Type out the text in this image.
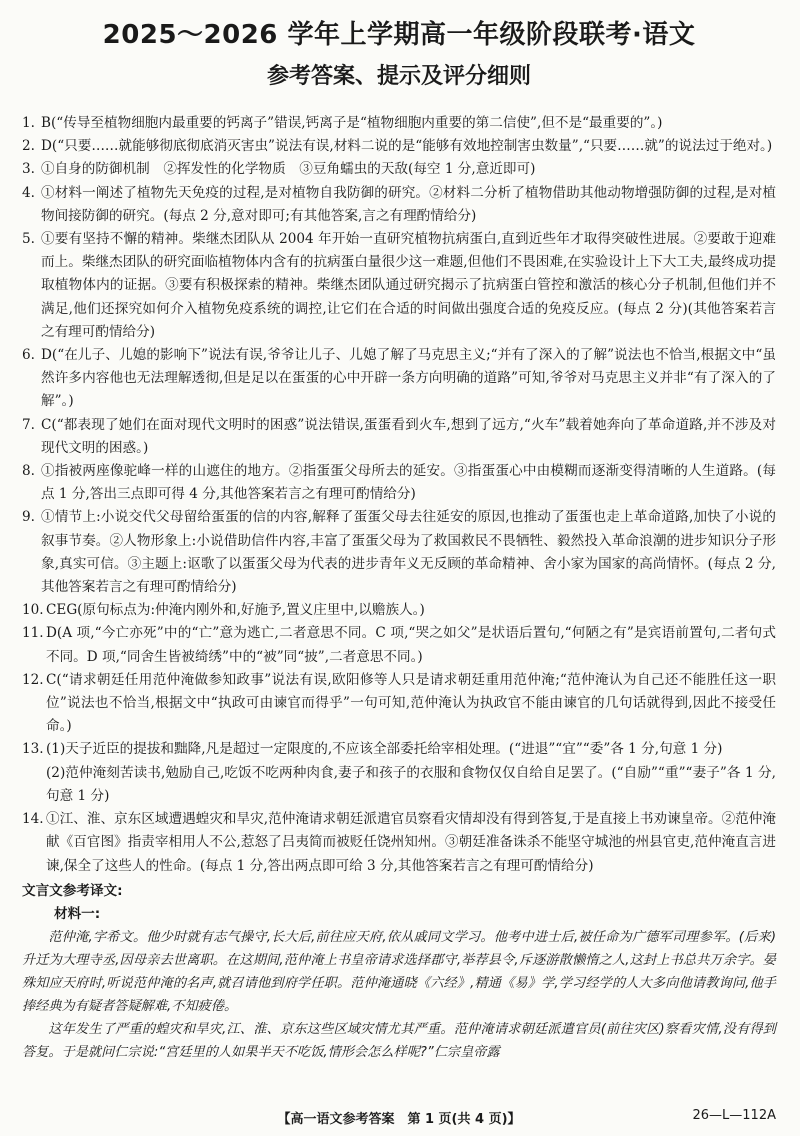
2025～2026 学年上学期高一年级阶段联考·语文
参考答案、提示及评分细则
1. B(“传导至植物细胞内最重要的钙离子”错误,钙离子是“植物细胞内重要的第二信使”,但不是“最重要的”。)

2. D(“只要……就能够彻底彻底消灭害虫”说法有误,材料二说的是“能够有效地控制害虫数量”,“只要……就”的说法过于绝对。)

3. ①自身的防御机制　②挥发性的化学物质　③豆角蠕虫的天敌(每空 1 分,意近即可)

4. ①材料一阐述了植物先天免疫的过程,是对植物自我防御的研究。②材料二分析了植物借助其他动物增强防御的过程,是对植物间接防御的研究。(每点 2 分,意对即可;有其他答案,言之有理酌情给分)

5. ①要有坚持不懈的精神。柴继杰团队从 2004 年开始一直研究植物抗病蛋白,直到近些年才取得突破性进展。②要敢于迎难而上。柴继杰团队的研究面临植物体内含有的抗病蛋白量很少这一难题,但他们不畏困难,在实验设计上下大工夫,最终成功提取植物体内的证据。③要有积极探索的精神。柴继杰团队通过研究揭示了抗病蛋白管控和激活的核心分子机制,但他们并不满足,他们还探究如何介入植物免疫系统的调控,让它们在合适的时间做出强度合适的免疫反应。(每点 2 分)(其他答案若言之有理可酌情给分)

6. D(“在儿子、儿媳的影响下”说法有误,爷爷让儿子、儿媳了解了马克思主义;“并有了深入的了解”说法也不恰当,根据文中“虽然许多内容他也无法理解透彻,但是足以在蛋蛋的心中开辟一条方向明确的道路”可知,爷爷对马克思主义并非“有了深入的了解”。)

7. C(“都表现了她们在面对现代文明时的困惑”说法错误,蛋蛋看到火车,想到了远方,“火车”载着她奔向了革命道路,并不涉及对现代文明的困惑。)

8. ①指被两座像驼峰一样的山遮住的地方。②指蛋蛋父母所去的延安。③指蛋蛋心中由模糊而逐渐变得清晰的人生道路。(每点 1 分,答出三点即可得 4 分,其他答案若言之有理可酌情给分)

9. ①情节上:小说交代父母留给蛋蛋的信的内容,解释了蛋蛋父母去往延安的原因,也推动了蛋蛋也走上革命道路,加快了小说的叙事节奏。②人物形象上:小说借助信件内容,丰富了蛋蛋父母为了救国救民不畏牺牲、毅然投入革命浪潮的进步知识分子形象,真实可信。③主题上:讴歌了以蛋蛋父母为代表的进步青年义无反顾的革命精神、舍小家为国家的高尚情怀。(每点 2 分,其他答案若言之有理可酌情给分)

10. CEG(原句标点为:仲淹内刚外和,好施予,置义庄里中,以赡族人。)

11. D(A 项,“今亡亦死”中的“亡”意为逃亡,二者意思不同。C 项,“哭之如父”是状语后置句,“何陋之有”是宾语前置句,二者句式不同。D 项,“同舍生皆被绮绣”中的“被”同“披”,二者意思不同。)

12. C(“请求朝廷任用范仲淹做参知政事”说法有误,欧阳修等人只是请求朝廷重用范仲淹;“范仲淹认为自己还不能胜任这一职位”说法也不恰当,根据文中“执政可由谏官而得乎”一句可知,范仲淹认为执政官不能由谏官的几句话就得到,因此不接受任命。)

13. (1)天子近臣的提拔和黜降,凡是超过一定限度的,不应该全部委托给宰相处理。(“进退”“宜”“委”各 1 分,句意 1 分)

(2)范仲淹刻苦读书,勉励自己,吃饭不吃两种肉食,妻子和孩子的衣服和食物仅仅自给自足罢了。(“自励”“重”“妻子”各 1 分,句意 1 分)

14. ①江、淮、京东区域遭遇蝗灾和旱灾,范仲淹请求朝廷派遣官员察看灾情却没有得到答复,于是直接上书劝谏皇帝。②范仲淹献《百官图》指责宰相用人不公,惹怒了吕夷简而被贬任饶州知州。③朝廷准备诛杀不能坚守城池的州县官吏,范仲淹直言进谏,保全了这些人的性命。(每点 1 分,答出两点即可给 3 分,其他答案若言之有理可酌情给分)

文言文参考译文:
材料一:

范仲淹,字希文。他少时就有志气操守,长大后,前往应天府,依从戚同文学习。他考中进士后,被任命为广德军司理参军。(后来)升迁为大理寺丞,因母亲去世离职。在这期间,范仲淹上书皇帝请求选择郡守,举荐县令,斥逐游散懒惰之人,这封上书总共万余字。晏殊知应天府时,听说范仲淹的名声,就召请他到府学任职。范仲淹通晓《六经》,精通《易》学,学习经学的人大多向他请教询问,他手捧经典为有疑者答疑解难,不知疲倦。

这年发生了严重的蝗灾和旱灾,江、淮、京东这些区域灾情尤其严重。范仲淹请求朝廷派遣官员(前往灾区)察看灾情,没有得到答复。于是就问仁宗说:“宫廷里的人如果半天不吃饭,情形会怎么样呢?”仁宗皇帝露

【高一语文参考答案　第 1 页(共 4 页)】	26—L—112A
